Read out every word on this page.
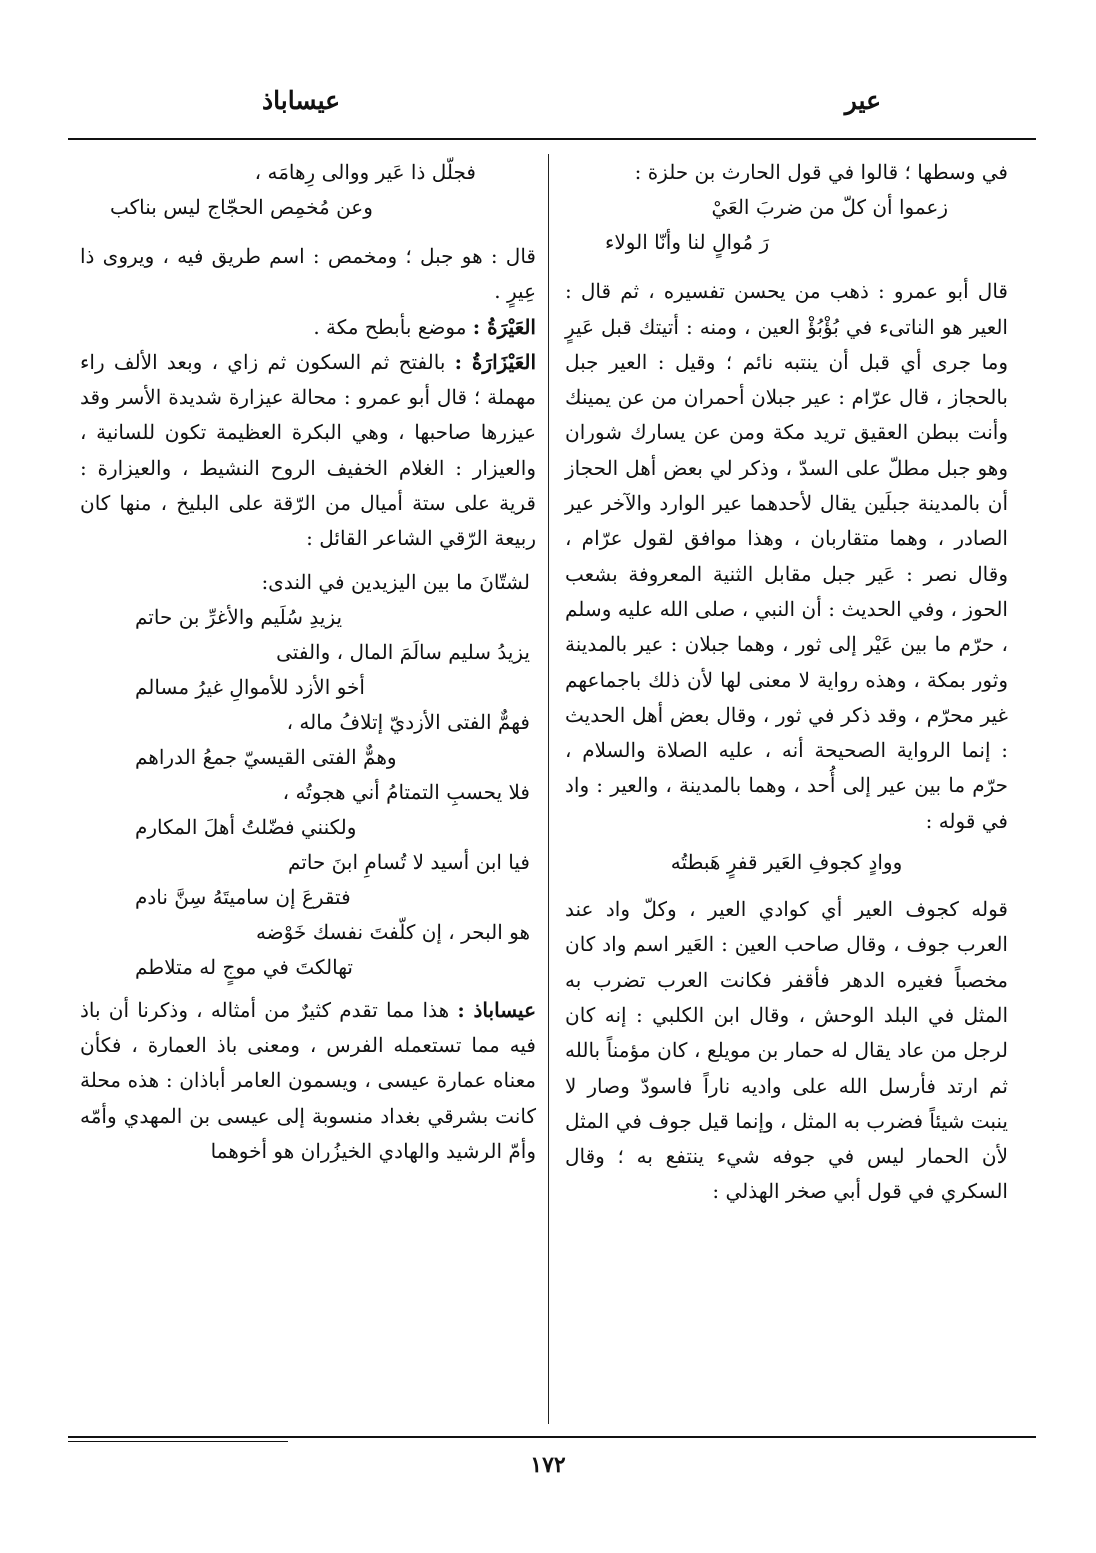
عير
عيساباذ

في وسطها ؛ قالوا في قول الحارث بن حلزة :

زعموا أن كلّ من ضربَ العَيْ
رَ مُوالٍ لنا وأنّا الولاء

قال أبو عمرو : ذهب من يحسن تفسيره ، ثم قال : العير هو الناتىء في بُؤْبُؤْ العين ، ومنه : أتيتك قبل عَيرٍ وما جرى أي قبل أن ينتبه نائم ؛ وقيل : العير جبل بالحجاز ، قال عرّام : عير جبلان أحمران من عن يمينك وأنت ببطن العقيق تريد مكة ومن عن يسارك شوران وهو جبل مطلّ على السدّ ، وذكر لي بعض أهل الحجاز أن بالمدينة جبلَين يقال لأحدهما عير الوارد والآخر عير الصادر ، وهما متقاربان ، وهذا موافق لقول عرّام ، وقال نصر : عَير جبل مقابل الثنية المعروفة بشعب الحوز ، وفي الحديث : أن النبي ، صلى الله عليه وسلم ، حرّم ما بين عَيْر إلى ثور ، وهما جبلان : عير بالمدينة وثور بمكة ، وهذه رواية لا معنى لها لأن ذلك باجماعهم غير محرّم ، وقد ذكر في ثور ، وقال بعض أهل الحديث : إنما الرواية الصحيحة أنه ، عليه الصلاة والسلام ، حرّم ما بين عير إلى أُحد ، وهما بالمدينة ، والعير : واد في قوله :

ووادٍ كجوفِ العَير قفرٍ هَبطتُه

قوله كجوف العير أي كوادي العير ، وكلّ واد عند العرب جوف ، وقال صاحب العين : العَير اسم واد كان مخصباً فغيره الدهر فأقفر فكانت العرب تضرب به المثل في البلد الوحش ، وقال ابن الكلبي : إنه كان لرجل من عاد يقال له حمار بن مويلع ، كان مؤمناً بالله ثم ارتد فأرسل الله على واديه ناراً فاسودّ وصار لا ينبت شيئاً فضرب به المثل ، وإنما قيل جوف في المثل لأن الحمار ليس في جوفه شيء ينتفع به ؛ وقال السكري في قول أبي صخر الهذلي :

فجلّل ذا عَير ووالى رِهامَه ،
وعن مُخمِص الحجّاج ليس بناكب

قال : هو جبل ؛ ومخمص : اسم طريق فيه ، ويروى ذا عِيرٍ .

العَيْرَةُ : موضع بأبطح مكة .

العَيْزَارَةُ : بالفتح ثم السكون ثم زاي ، وبعد الألف راء مهملة ؛ قال أبو عمرو : محالة عيزارة شديدة الأسر وقد عيزرها صاحبها ، وهي البكرة العظيمة تكون للسانية ، والعيزار : الغلام الخفيف الروح النشيط ، والعيزارة : قرية على ستة أميال من الرّقة على البليخ ، منها كان ربيعة الرّقي الشاعر القائل :

لشتّانَ ما بين اليزيدين في الندى:
يزيدِ سُلَيم والأغرِّ بن حاتم
يزيدُ سليم سالَمَ المال ، والفتى
أخو الأزد للأموالِ غيرُ مسالم
فهمٌّ الفتى الأزديّ إتلافُ ماله ،
وهمٌّ الفتى القيسيّ جمعُ الدراهم
فلا يحسبِ التمتامُ أني هجوتُه ،
ولكنني فضّلتُ أهلَ المكارم
فيا ابن أسيد لا تُسامِ ابنَ حاتم
فتقرعَ إن ساميتَهُ سِنَّ نادم
هو البحر ، إن كلّفتَ نفسك خَوْضه
تهالكتَ في موجٍ له متلاطم

عيساباذ : هذا مما تقدم كثيرٌ من أمثاله ، وذكرنا أن باذ فيه مما تستعمله الفرس ، ومعنى باذ العمارة ، فكأن معناه عمارة عيسى ، ويسمون العامر أباذان : هذه محلة كانت بشرقي بغداد منسوبة إلى عيسى بن المهدي وأمّه وأمّ الرشيد والهادي الخيزُران هو أخوهما

١٧٢
